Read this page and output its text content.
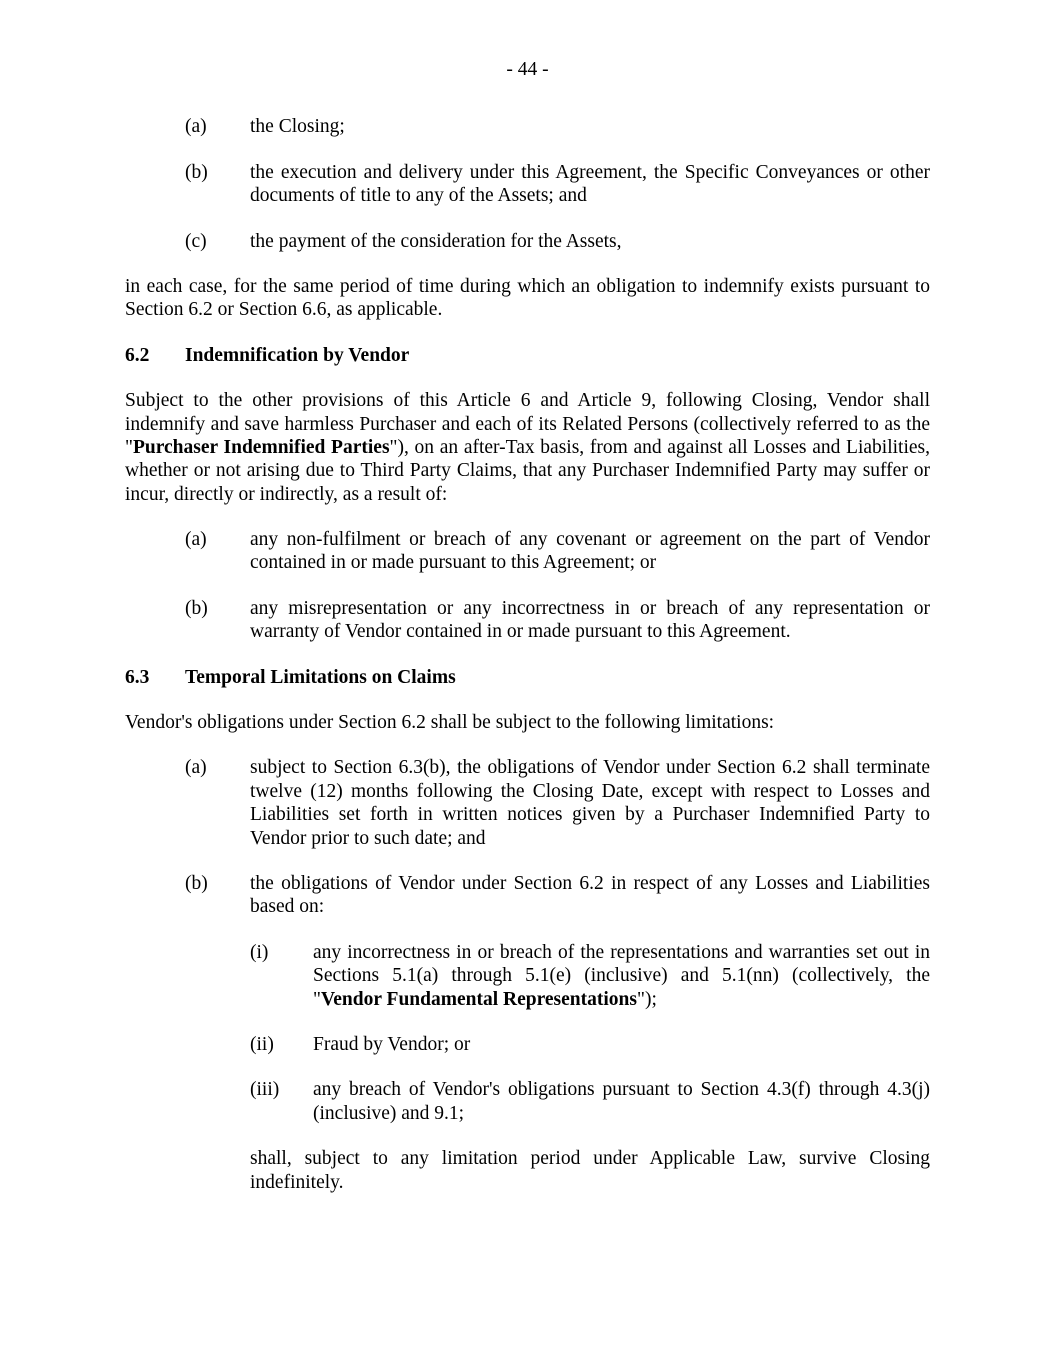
- 44 -
(a)	the Closing;
(b)	the execution and delivery under this Agreement, the Specific Conveyances or other documents of title to any of the Assets; and
(c)	the payment of the consideration for the Assets,

in each case, for the same period of time during which an obligation to indemnify exists pursuant to Section 6.2 or Section 6.6, as applicable.

6.2	Indemnification by Vendor

Subject to the other provisions of this Article 6 and Article 9, following Closing, Vendor shall indemnify and save harmless Purchaser and each of its Related Persons (collectively referred to as the "Purchaser Indemnified Parties"), on an after-Tax basis, from and against all Losses and Liabilities, whether or not arising due to Third Party Claims, that any Purchaser Indemnified Party may suffer or incur, directly or indirectly, as a result of:

(a)	any non-fulfilment or breach of any covenant or agreement on the part of Vendor contained in or made pursuant to this Agreement; or
(b)	any misrepresentation or any incorrectness in or breach of any representation or warranty of Vendor contained in or made pursuant to this Agreement.
6.3	Temporal Limitations on Claims

Vendor's obligations under Section 6.2 shall be subject to the following limitations:

(a)	subject to Section 6.3(b), the obligations of Vendor under Section 6.2 shall terminate twelve (12) months following the Closing Date, except with respect to Losses and Liabilities set forth in written notices given by a Purchaser Indemnified Party to Vendor prior to such date; and
(b)	the obligations of Vendor under Section 6.2 in respect of any Losses and Liabilities based on:
(i)	any incorrectness in or breach of the representations and warranties set out in Sections 5.1(a) through 5.1(e) (inclusive) and 5.1(nn) (collectively, the "Vendor Fundamental Representations");
(ii)	Fraud by Vendor; or
(iii)	any breach of Vendor's obligations pursuant to Section 4.3(f) through 4.3(j) (inclusive) and 9.1;

shall, subject to any limitation period under Applicable Law, survive Closing indefinitely.
